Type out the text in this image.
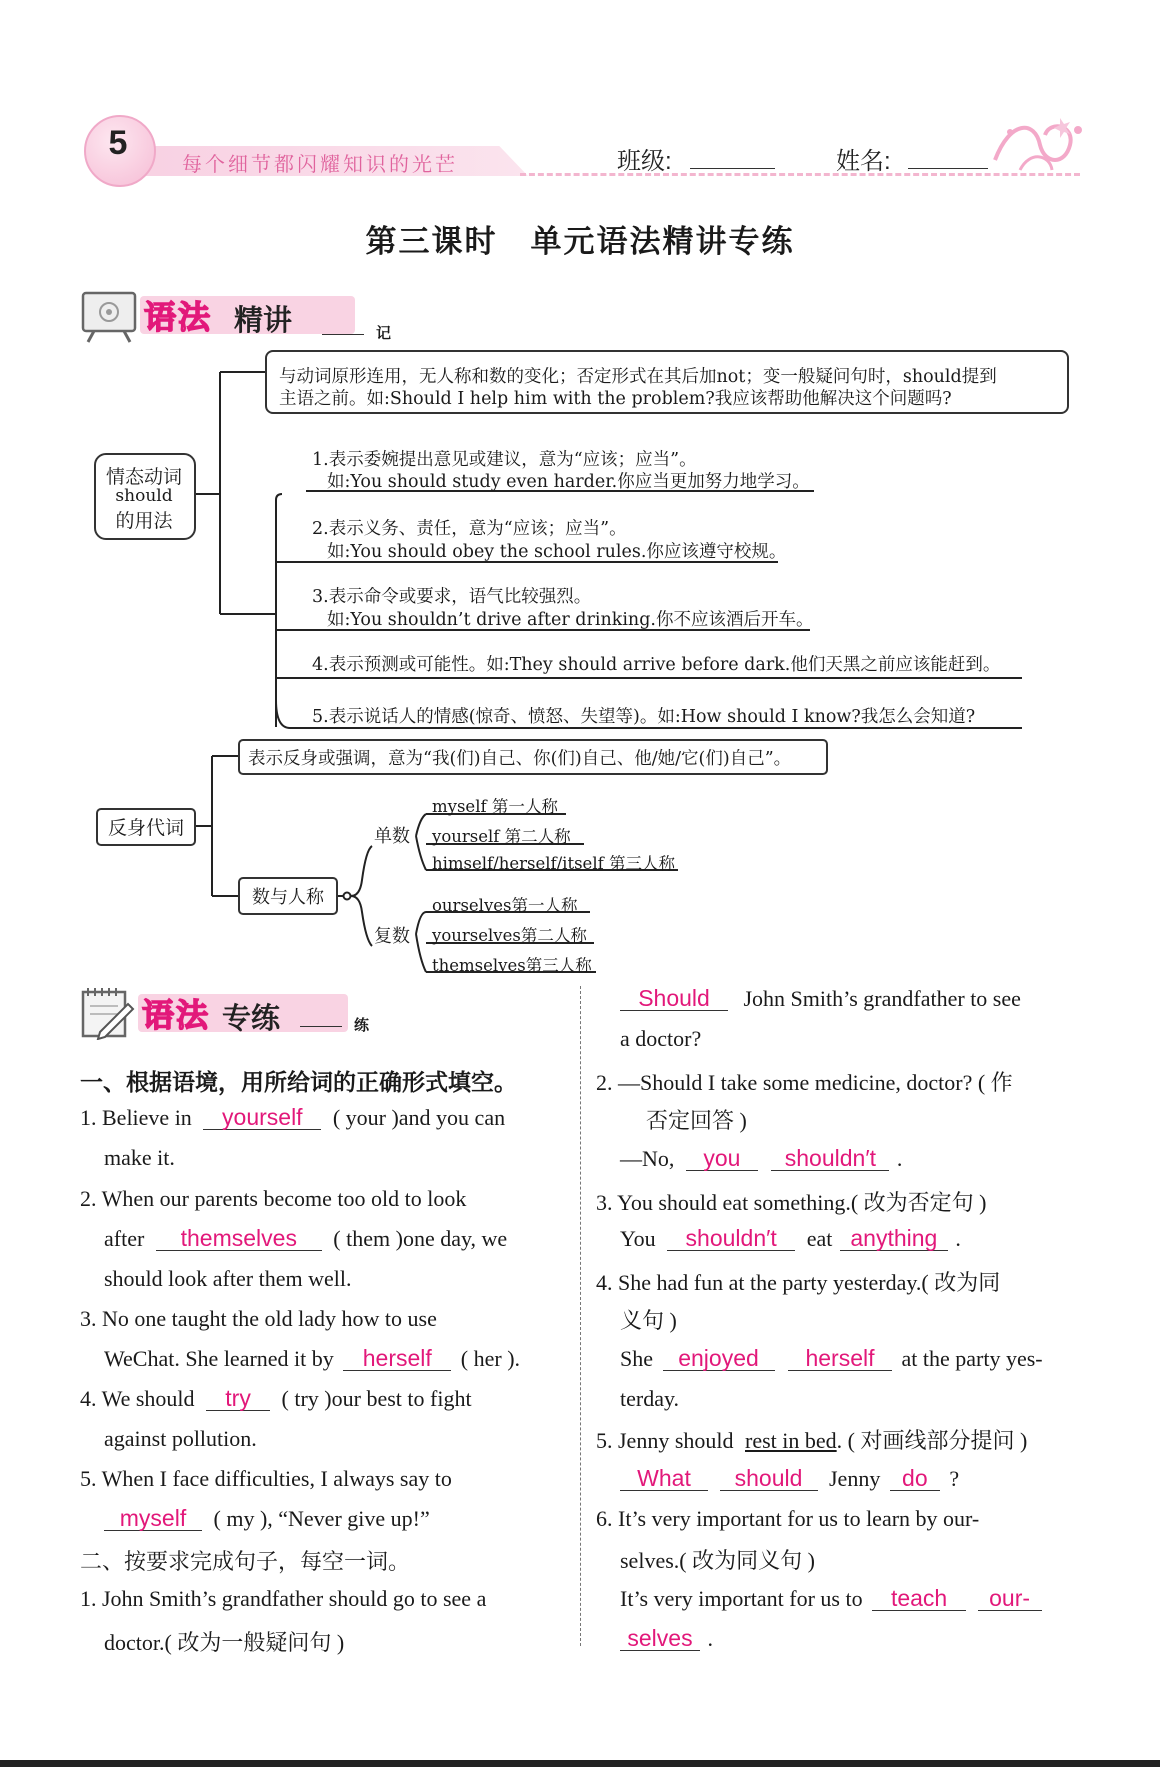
5
每个细节都闪耀知识的光芒	班级:	姓名:
第三课时　单元语法精讲专练
语法 精讲	记
情态动词
should
的用法
与动词原形连用，无人称和数的变化；否定形式在其后加not；变一般疑问句时，should提到
主语之前。如:Should I help him with the problem?我应该帮助他解决这个问题吗?
1.表示委婉提出意见或建议，意为“应该；应当”。
如:You should study even harder.你应当更加努力地学习。
2.表示义务、责任，意为“应该；应当”。
如:You should obey the school rules.你应该遵守校规。
3.表示命令或要求，语气比较强烈。
如:You shouldn’t drive after drinking.你不应该酒后开车。
4.表示预测或可能性。如:They should arrive before dark.他们天黑之前应该能赶到。
5.表示说话人的情感(惊奇、愤怒、失望等)。如:How should I know?我怎么会知道?
反身代词
表示反身或强调，意为“我(们)自己、你(们)自己、他/她/它(们)自己”。
数与人称
单数
复数
myself 第一人称
yourself 第二人称
himself/herself/itself 第三人称
ourselves第一人称
yourselves第二人称
themselves第三人称
语法 专练	练
一、根据语境，用所给词的正确形式填空。
1. Believe in yourself ( your )and you can
make it.
2. When our parents become too old to look
after themselves ( them )one day, we
should look after them well.
3. No one taught the old lady how to use
WeChat. She learned it by herself ( her ).
4. We should try ( try )our best to fight
against pollution.
5. When I face difficulties, I always say to
myself ( my ), “Never give up!”
二、按要求完成句子，每空一词。
1. John Smith’s grandfather should go to see a
doctor.( 改为一般疑问句 )
Should John Smith’s grandfather to see
a doctor?
2. —Should I take some medicine, doctor? ( 作
否定回答 )
—No, you shouldn′t .
3. You should eat something.( 改为否定句 )
You shouldn′t eat anything .
4. She had fun at the party yesterday.( 改为同
义句 )
She enjoyed herself at the party yes-
terday.
5. Jenny should rest in bed. ( 对画线部分提问 )
What should Jenny do ?
6. It’s very important for us to learn by our-
selves.( 改为同义句 )
It’s very important for us to teach our-
selves .
